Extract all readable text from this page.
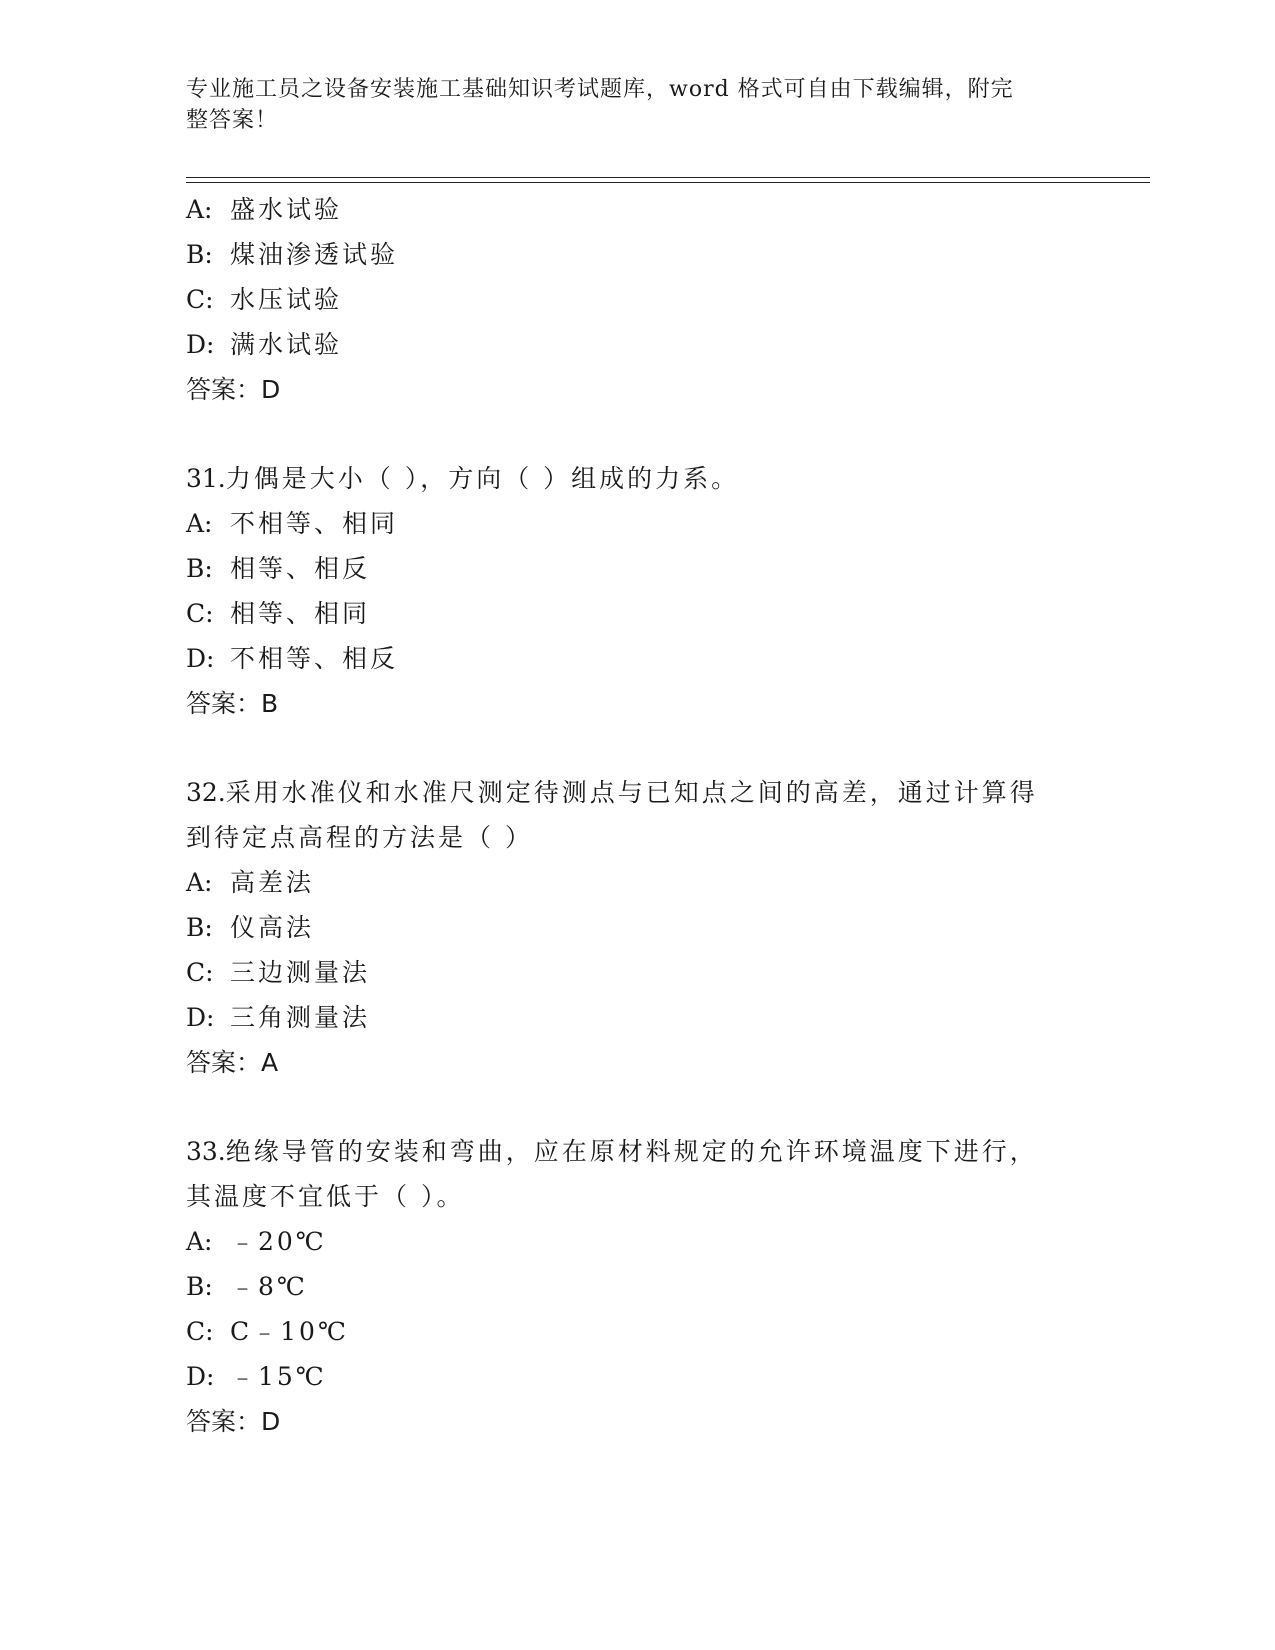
专业施工员之设备安装施工基础知识考试题库，word 格式可自由下载编辑，附完
整答案！
A: 盛水试验
B: 煤油渗透试验
C: 水压试验
D: 满水试验
答案：D
31.力偶是大小（ ），方向（ ）组成的力系。
A: 不相等、相同
B: 相等、相反
C: 相等、相同
D: 不相等、相反
答案：B
32.采用水准仪和水准尺测定待测点与已知点之间的高差，通过计算得
到待定点高程的方法是（ ）
A: 高差法
B: 仪高法
C: 三边测量法
D: 三角测量法
答案：A
33.绝缘导管的安装和弯曲，应在原材料规定的允许环境温度下进行，
其温度不宜低于（ ）。
A: ﹣20℃
B: ﹣8℃
C: C﹣10℃
D: ﹣15℃
答案：D
